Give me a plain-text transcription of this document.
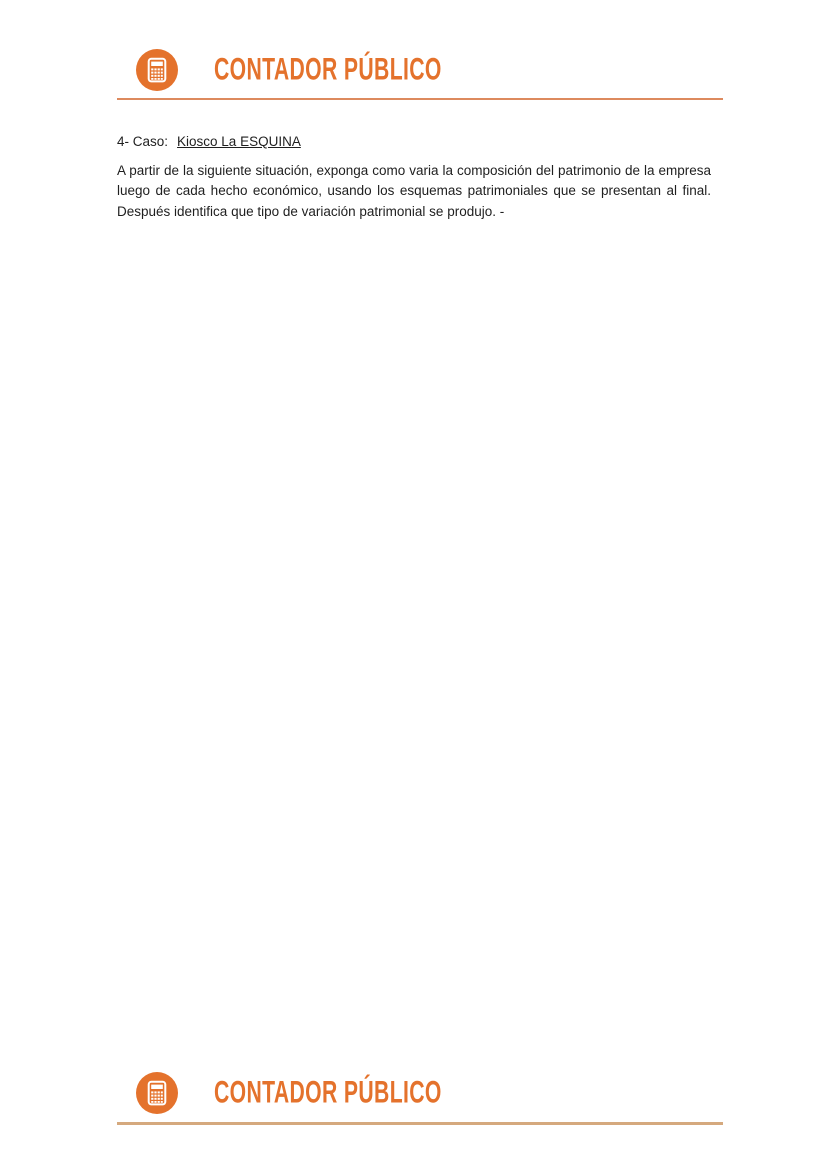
CONTADOR PÚBLICO
4- Caso: Kiosco La ESQUINA

A partir de la siguiente situación, exponga como varia la composición del patrimonio de la empresa luego de cada hecho económico, usando los esquemas patrimoniales que se presentan al final. Después identifica que tipo de variación patrimonial se produjo. -

CONTADOR PÚBLICO
